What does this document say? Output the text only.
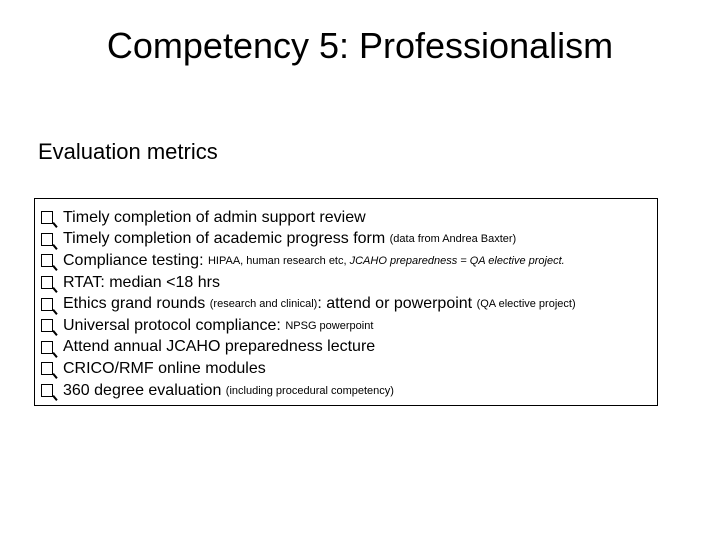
Competency 5: Professionalism
Evaluation metrics
Timely completion of admin support review
Timely completion of academic progress form (data from Andrea Baxter)
Compliance testing: HIPAA, human research etc, JCAHO preparedness = QA elective project.
RTAT: median <18 hrs
Ethics grand rounds (research and clinical) : attend or powerpoint (QA elective project)
Universal protocol compliance: NPSG powerpoint
Attend annual JCAHO preparedness lecture
CRICO/RMF online modules
360 degree evaluation (including procedural competency)
